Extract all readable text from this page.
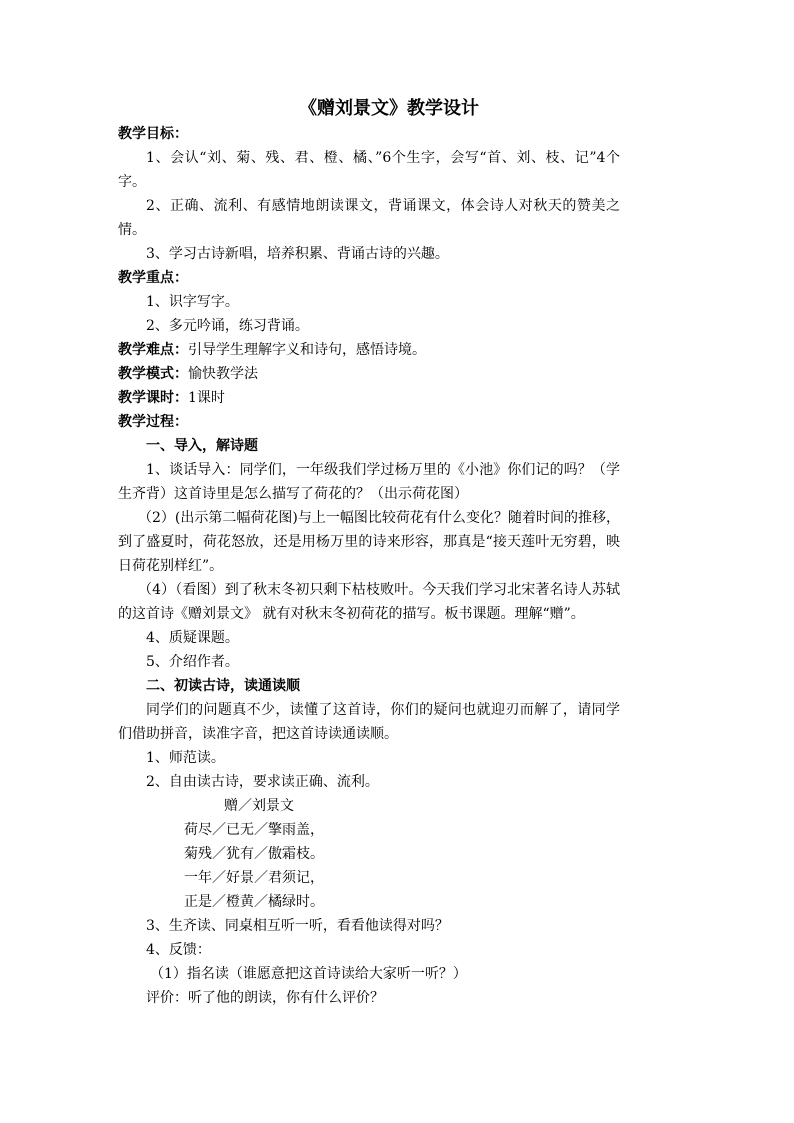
《赠刘景文》教学设计

教学目标：

1、会认“刘、菊、残、君、橙、橘、”6个生字，会写“首、刘、枝、记”4个字。

2、正确、流利、有感情地朗读课文，背诵课文，体会诗人对秋天的赞美之情。

3、学习古诗新唱，培养积累、背诵古诗的兴趣。

教学重点：

1、识字写字。

2、多元吟诵，练习背诵。

教学难点：引导学生理解字义和诗句，感悟诗境。

教学模式：愉快教学法

教学课时：1课时

教学过程：

一、导入，解诗题

1、谈话导入：同学们，一年级我们学过杨万里的《小池》你们记的吗？（学生齐背）这首诗里是怎么描写了荷花的？（出示荷花图）

（2）(出示第二幅荷花图)与上一幅图比较荷花有什么变化？随着时间的推移，到了盛夏时，荷花怒放，还是用杨万里的诗来形容，那真是“接天莲叶无穷碧，映日荷花别样红”。

（4）（看图）到了秋末冬初只剩下枯枝败叶。今天我们学习北宋著名诗人苏轼的这首诗《赠刘景文》 就有对秋末冬初荷花的描写。板书课题。理解“赠”。

4、质疑课题。

5、介绍作者。

二、初读古诗，读通读顺

同学们的问题真不少，读懂了这首诗，你们的疑问也就迎刃而解了，请同学们借助拼音，读准字音，把这首诗读通读顺。

1、师范读。

2、自由读古诗，要求读正确、流利。

赠／刘景文

荷尽／已无／擎雨盖，

菊残／犹有／傲霜枝。

一年／好景／君须记，

正是／橙黄／橘绿时。

3、生齐读、同桌相互听一听，看看他读得对吗？

4、反馈：

（1）指名读（谁愿意把这首诗读给大家听一听？）

评价：听了他的朗读，你有什么评价？
